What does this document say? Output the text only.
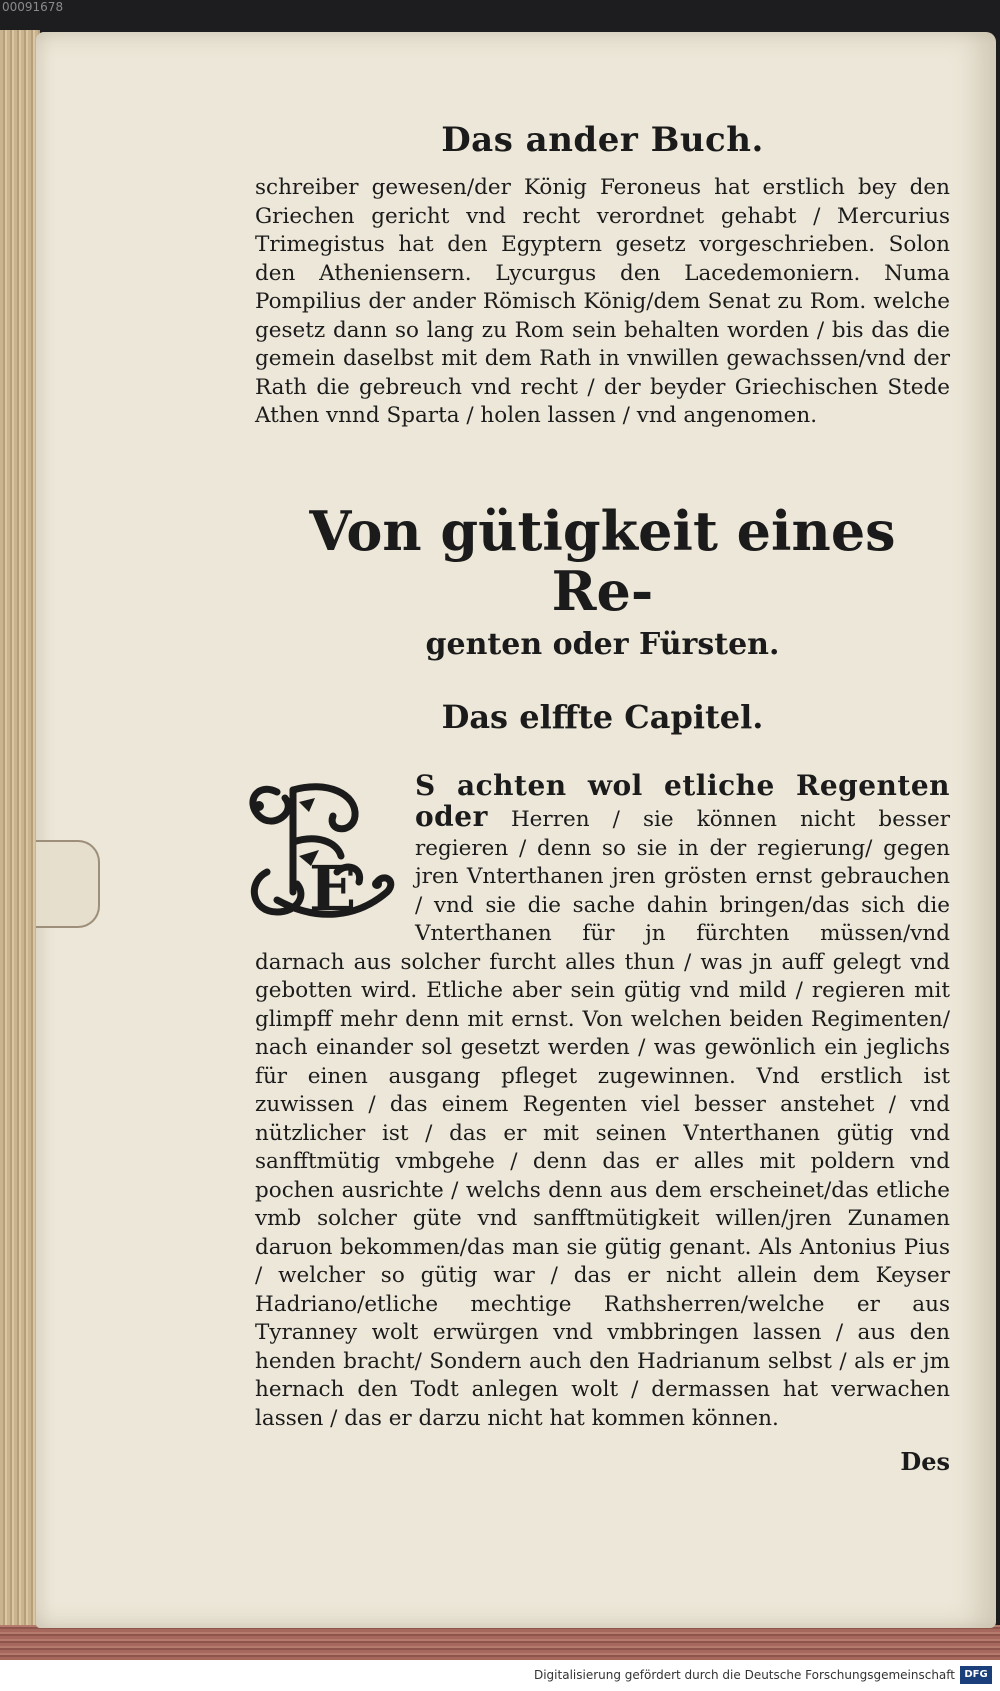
00091678
Das ander Buch.

schreiber gewesen/der König Feroneus hat erstlich bey den Griechen gericht vnd recht verordnet gehabt / Mercurius Trimegistus hat den Egyptern gesetz vorgeschrieben. Solon den Atheniensern. Lycurgus den Lacedemoniern. Numa Pompilius der ander Römisch König/dem Senat zu Rom. welche gesetz dann so lang zu Rom sein behalten worden / bis das die gemein daselbst mit dem Rath in vnwillen gewachssen/vnd der Rath die gebreuch vnd recht / der beyder Griechischen Stede Athen vnnd Sparta / holen lassen / vnd angenomen.

Von gütigkeit eines Re-
genten oder Fürsten.
Das elffte Capitel.
E

S achten wol etliche Regenten oder Herren / sie können nicht besser regieren / denn so sie in der regierung/ gegen jren Vnterthanen jren grösten ernst gebrauchen / vnd sie die sache dahin bringen/das sich die Vnterthanen für jn fürchten müssen/vnd darnach aus solcher furcht alles thun / was jn auff gelegt vnd gebotten wird. Etliche aber sein gütig vnd mild / regieren mit glimpff mehr denn mit ernst. Von welchen beiden Regimenten/ nach einander sol gesetzt werden / was gewönlich ein jeglichs für einen ausgang pfleget zugewinnen. Vnd erstlich ist zuwissen / das einem Regenten viel besser anstehet / vnd nützlicher ist / das er mit seinen Vnterthanen gütig vnd sanfftmütig vmbgehe / denn das er alles mit poldern vnd pochen ausrichte / welchs denn aus dem erscheinet/das etliche vmb solcher güte vnd sanfftmütigkeit willen/jren Zunamen daruon bekommen/das man sie gütig genant. Als Antonius Pius / welcher so gütig war / das er nicht allein dem Keyser Hadriano/etliche mechtige Rathsherren/welche er aus Tyranney wolt erwürgen vnd vmbbringen lassen / aus den henden bracht/ Sondern auch den Hadrianum selbst / als er jm hernach den Todt anlegen wolt / dermassen hat verwachen lassen / das er darzu nicht hat kommen können.

Des
Digitalisierung gefördert durch die Deutsche Forschungsgemeinschaft DFG
